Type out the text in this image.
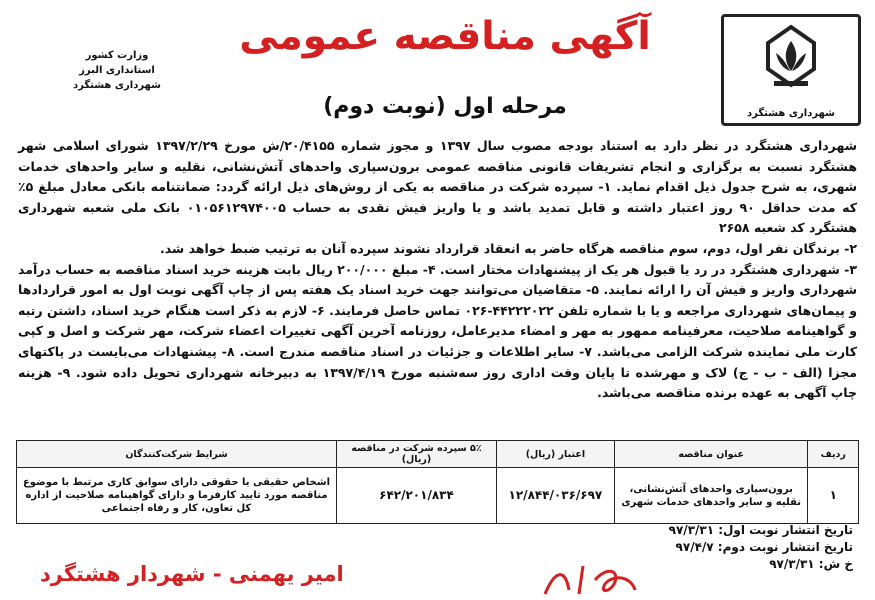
شهرداری هشتگرد
وزارت کشور
استانداری البرز
شهرداری هشتگرد
آگهی مناقصه عمومی
مرحله اول (نوبت دوم)

شهرداری هشتگرد در نظر دارد به استناد بودجه مصوب سال ۱۳۹۷ و مجوز شماره ۲۰/۴۱۵۵/ش مورخ ۱۳۹۷/۲/۲۹ شورای اسلامی شهر هشتگرد نسبت به برگزاری و انجام تشریفات قانونی مناقصه عمومی برون‌سپاری واحدهای آتش‌نشانی، نقلیه و سایر واحدهای خدمات شهری، به شرح جدول ذیل اقدام نماید. ۱- سپرده شرکت در مناقصه به یکی از روش‌های ذیل ارائه گردد: ضمانتنامه بانکی معادل مبلغ ۵٪ که مدت حداقل ۹۰ روز اعتبار داشته و قابل تمدید باشد و یا واریز فیش نقدی به حساب ۰۱۰۵۶۱۲۹۷۴۰۰۵ بانک ملی شعبه شهرداری هشتگرد کد شعبه ۲۶۵۸

۲- برندگان نفر اول، دوم، سوم مناقصه هرگاه حاضر به انعقاد قرارداد نشوند سپرده آنان به ترتیب ضبط خواهد شد.

۳- شهرداری هشتگرد در رد یا قبول هر یک از پیشنهادات مختار است. ۴- مبلغ ۲۰۰/۰۰۰ ریال بابت هزینه خرید اسناد مناقصه به حساب درآمد شهرداری واریز و فیش آن را ارائه نمایند. ۵- متقاضیان می‌توانند جهت خرید اسناد یک هفته پس از چاپ آگهی نوبت اول به امور قراردادها و پیمان‌های شهرداری مراجعه و یا با شماره تلفن ۴۴۲۲۲۰۲۲-۰۲۶ تماس حاصل فرمایند. ۶- لازم به ذکر است هنگام خرید اسناد، داشتن رتبه و گواهینامه صلاحیت، معرفینامه ممهور به مهر و امضاء مدیرعامل، روزنامه آخرین آگهی تغییرات اعضاء شرکت، مهر شرکت و اصل و کپی کارت ملی نماینده شرکت الزامی می‌باشد. ۷- سایر اطلاعات و جزئیات در اسناد مناقصه مندرج است. ۸- پیشنهادات می‌بایست در پاکتهای مجزا (الف - ب - ج) لاک و مهرشده تا پایان وقت اداری روز سه‌شنبه مورخ ۱۳۹۷/۴/۱۹ به دبیرخانه شهرداری تحویل داده شود. ۹- هزینه چاپ آگهی به عهده برنده مناقصه می‌باشد.

ردیف	عنوان مناقصه	اعتبار (ریال)	۵٪ سپرده شرکت در مناقصه (ریال)	شرایط شرکت‌کنندگان
۱	برون‌سپاری واحدهای آتش‌نشانی، نقلیه و سایر واحدهای خدمات شهری	۱۲/۸۴۴/۰۳۶/۶۹۷	۶۴۲/۲۰۱/۸۳۴	اشخاص حقیقی یا حقوقی دارای سوابق کاری مرتبط با موضوع مناقصه مورد تایید کارفرما و دارای گواهینامه صلاحیت از اداره کل تعاون، کار و رفاه اجتماعی
تاریخ انتشار نوبت اول: ۹۷/۳/۳۱
تاریخ انتشار نوبت دوم: ۹۷/۴/۷
خ ش: ۹۷/۳/۳۱
امیر یهمنی - شهردار هشتگرد
